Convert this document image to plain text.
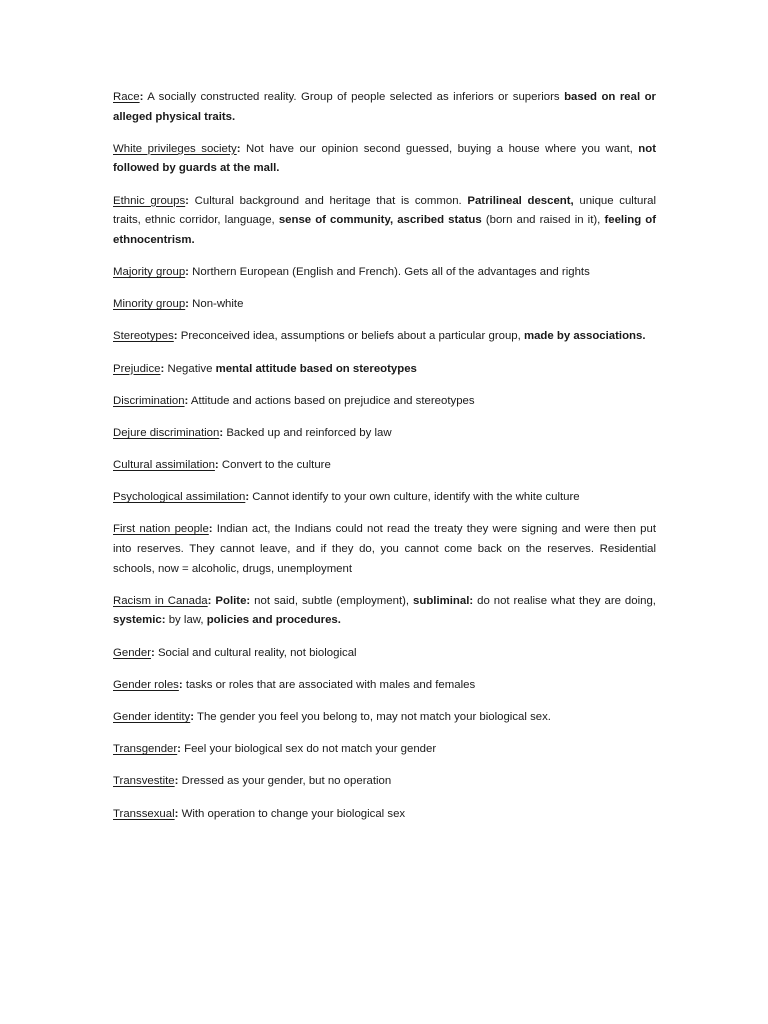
Race: A socially constructed reality. Group of people selected as inferiors or superiors based on real or alleged physical traits.

White privileges society: Not have our opinion second guessed, buying a house where you want, not followed by guards at the mall.

Ethnic groups: Cultural background and heritage that is common. Patrilineal descent, unique cultural traits, ethnic corridor, language, sense of community, ascribed status (born and raised in it), feeling of ethnocentrism.

Majority group: Northern European (English and French). Gets all of the advantages and rights

Minority group: Non-white

Stereotypes: Preconceived idea, assumptions or beliefs about a particular group, made by associations.

Prejudice: Negative mental attitude based on stereotypes

Discrimination: Attitude and actions based on prejudice and stereotypes

Dejure discrimination: Backed up and reinforced by law

Cultural assimilation: Convert to the culture

Psychological assimilation: Cannot identify to your own culture, identify with the white culture

First nation people: Indian act, the Indians could not read the treaty they were signing and were then put into reserves. They cannot leave, and if they do, you cannot come back on the reserves. Residential schools, now = alcoholic, drugs, unemployment

Racism in Canada: Polite: not said, subtle (employment), subliminal: do not realise what they are doing, systemic: by law, policies and procedures.

Gender: Social and cultural reality, not biological

Gender roles: tasks or roles that are associated with males and females

Gender identity: The gender you feel you belong to, may not match your biological sex.

Transgender: Feel your biological sex do not match your gender

Transvestite: Dressed as your gender, but no operation

Transsexual: With operation to change your biological sex
